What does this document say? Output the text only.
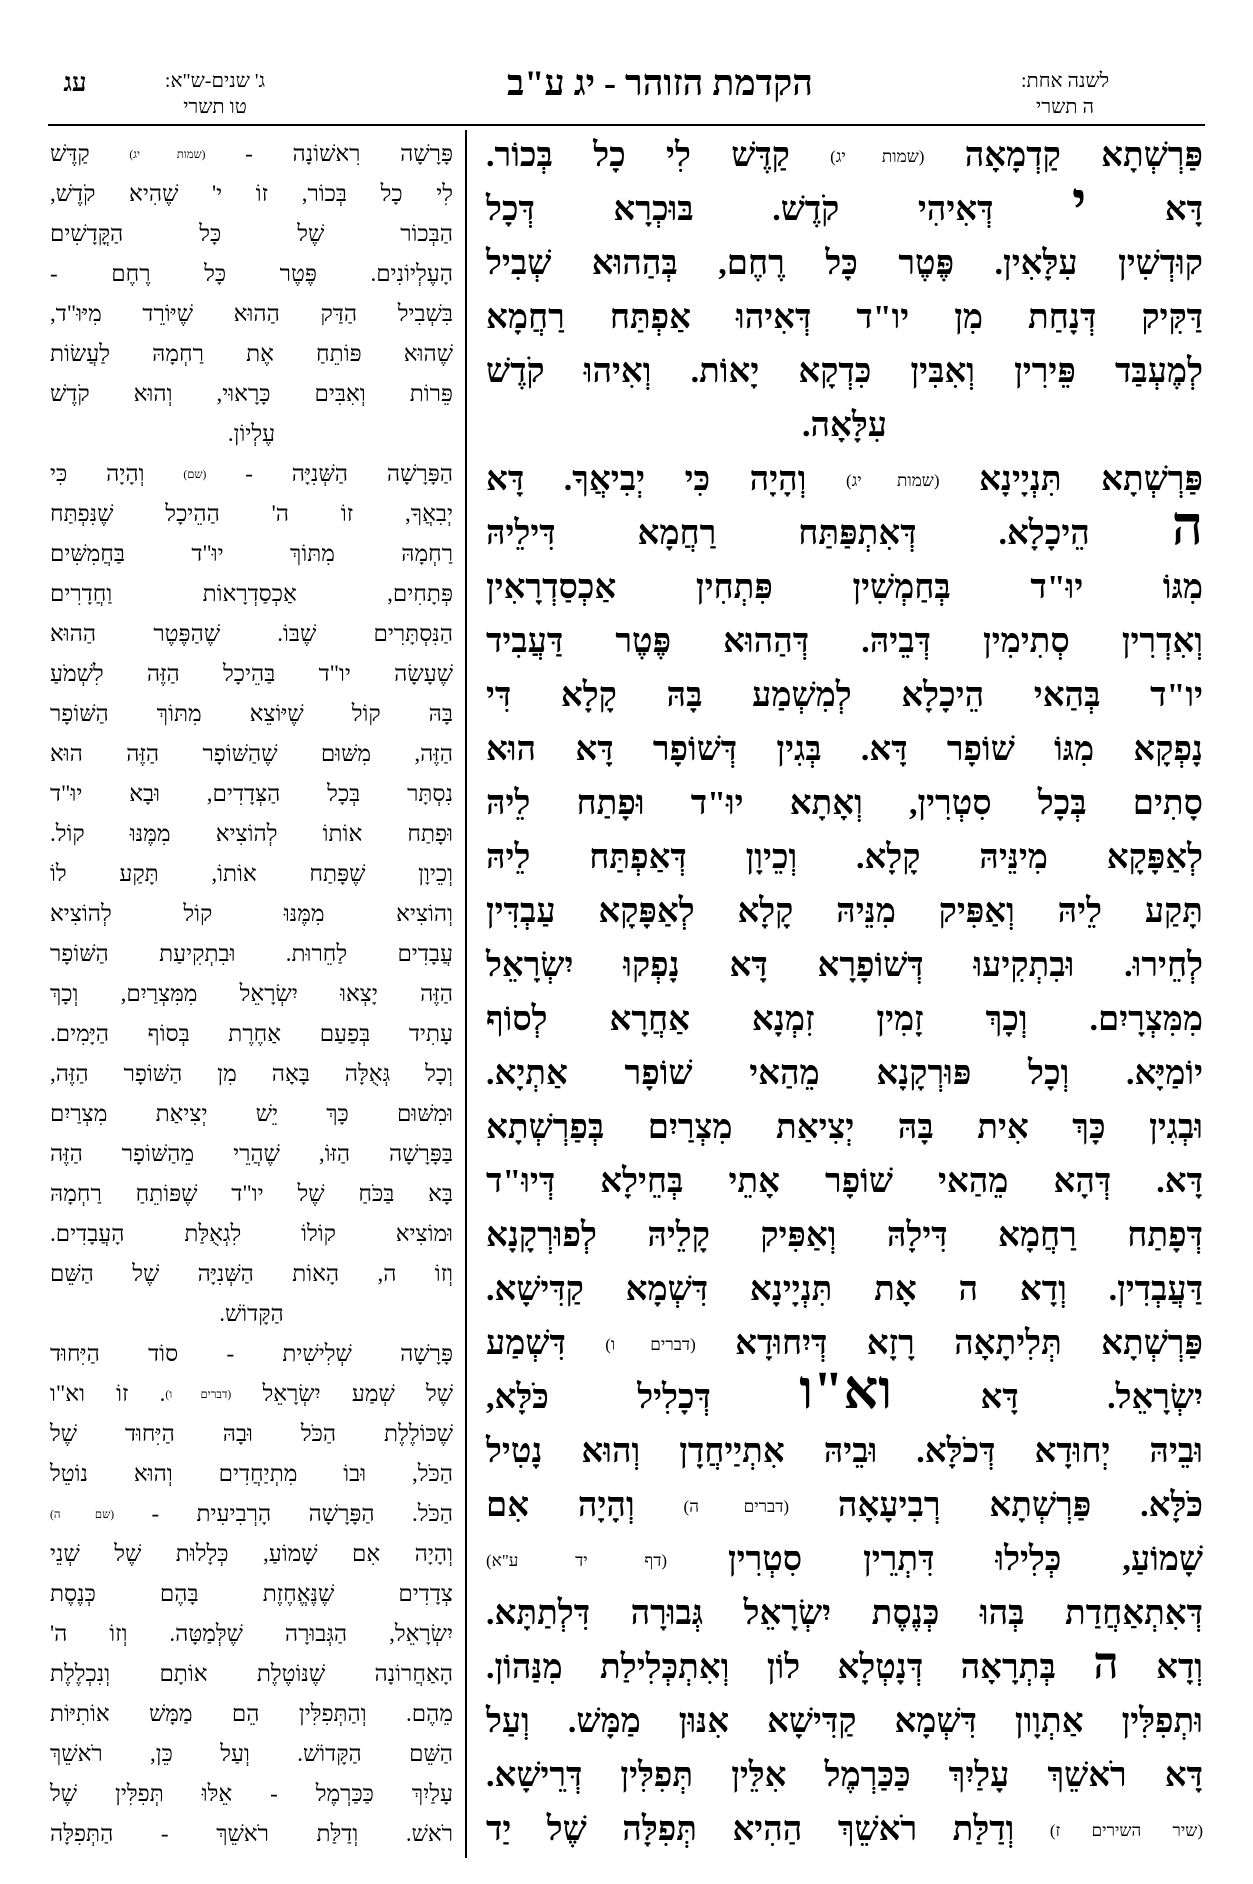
עג	ג' שנים-ש"א:
טו תשרי
הקדמת הזוהר - יג ע"ב	לשנה אחת:
ה תשרי
פַּרְשְׁתָא קַדְמָאָה (שמות יג) קַדֶּשׁ לִי כָל בְּכוֹר.
דָּא י דְּאִיהִי קֹדֶשׁ. בּוּכְרָא דְּכָל
קוּדְשִׁין עִלָּאִין. פֶּטֶר כָּל רֶחֶם, בְּהַהוּא שְׁבִיל
דַּקִּיק דְּנָחַת מִן יו"ד דְּאִיהוּ אַפְתַּח רַחֲמָא
לְמֶעְבַּד פֵּירִין וְאִבִּין כִּדְקָא יָאוֹת. וְאִיהוּ קֹדֶשׁ
עִלָּאָה.
פַּרְשְׁתָא תִּנְיָינָא (שמות יג) וְהָיָה כִּי יְבִיאֲךָ. דָּא
ה הֵיכָלָא. דְּאִתְפַּתַּח רַחֲמָא דִּילֵיהּ
מִגּוֹ יוּ"ד בְּחַמְשִׁין פִּתְחִין אַכְסַדְרָאִין
וְאִדְרִין סְתִימִין דְּבֵיהּ. דְּהַהוּא פֶּטֶר דַּעֲבִיד
יו"ד בְּהַאי הֵיכָלָא לְמִשְׁמַע בָּהּ קָלָא דִּי
נָפְקָא מִגּוֹ שׁוֹפָר דָּא. בְּגִין דְּשׁוֹפָר דָּא הוּא
סָתִים בְּכָל סִטְרִין, וְאָתָא יוּ"ד וּפָתַח לֵיהּ
לְאַפָּקָא מִינֵּיהּ קָלָא. וְכֵיוָן דְּאַפְתַּח לֵיהּ
תָּקַע לֵיהּ וְאַפִּיק מִנֵּיהּ קָלָא לְאַפָּקָא עַבְדִּין
לְחֵירוּ. וּבִתְקִיעוּ דְּשׁוֹפָרָא דָּא נָפְקוּ יִשְׂרָאֵל
מִמִּצְרָיִם. וְכָךְ זָמִין זִמְנָא אַחֲרָא לְסוֹף
יוֹמַיָּא. וְכָל פּוּרְקָנָא מֵהַאי שׁוֹפָר אַתְיָא.
וּבְגִין כָּךְ אִית בָּהּ יְצִיאַת מִצְרַיִם בְּפַרְשְׁתָא
דָּא. דְּהָא מֵהַאי שׁוֹפָר אָתֵי בְּחֵילָא דְּיוּ"ד
דְּפָתַח רַחֲמָא דִּילָהּ וְאַפִּיק קָלֵיהּ לְפוּרְקָנָא
דַּעֲבְדִין. וְדָא ה אָת תִּנְיָינָא דִּשְׁמָא קַדִּישָׁא.
פַּרְשְׁתָא תְּלִיתָאָה רָזָא דְּיִחוּדָא (דברים ו) דִּשְׁמַע
יִשְׂרָאֵל. דָּא וא"ו דְּכָלִיל כֹּלָּא,
וּבֵיהּ יְחוּדָא דְּכֹלָּא. וּבֵיהּ אִתְיַיחֲדָן וְהוּא נָטִיל
כֹּלָּא. פַּרְשְׁתָא רְבִיעָאָה (דברים ה) וְהָיָה אִם
שָׁמוֹעַ, כְּלִילוּ דִּתְרֵין סִטְרִין (דף יד ע"א)
דְּאִתְאַחֲדַת בְּהוּ כְּנֶסֶת יִשְׂרָאֵל גְּבוּרָה דִּלְתַתָּא.
וְדָא ה בְּתְרָאָה דְּנָטְלָא לוֹן וְאִתְכְּלִילַת מִנַּהוֹן.
וּתְפִלִּין אַתְוָון דִּשְׁמָא קַדִּישָׁא אִנּוּן מַמָּשׁ. וְעַל
דָּא רֹאשֵׁךְ עָלַיִךְ כַּכַּרְמֶל אִלֵּין תְּפִלִּין דְּרֵישָׁא.
(שיר השירים ז) וְדַלַּת רֹאשֵׁךְ הַהִיא תְּפִלָּה שֶׁל יַד
פָּרָשָׁה רִאשׁוֹנָה - (שמות יג) קַדֶּשׁ
לִי כָל בְּכוֹר, זוֹ י' שֶׁהִיא קֹדֶשׁ,
הַבְּכוֹר שֶׁל כָּל הַקֳּדָשִׁים
הָעֶלְיוֹנִים. פֶּטֶר כָּל רֶחֶם -
בִּשְׁבִיל הַדַּק הַהוּא שֶׁיּוֹרֵד מִיּוּ"ד,
שֶׁהוּא פּוֹתֵחַ אֶת רַחְמָהּ לַעֲשׂוֹת
פֵּרוֹת וְאִבִּים כָּרָאוּי, וְהוּא קֹדֶשׁ
עֶלְיוֹן.
הַפָּרָשָׁה הַשְּׁנִיָּה - (שם) וְהָיָה כִּי
יְבִאֲךָ, זוֹ ה' הַהֵיכָל שֶׁנִּפְתַּח
רַחְמָהּ מִתּוֹךְ יוּ"ד בַּחֲמִשִּׁים
פְּתָחִים, אַכְסַדְרָאוֹת וַחֲדָרִים
הַנִּסְתָּרִים שֶׁבּוֹ. שֶׁהַפֶּטֶר הַהוּא
שֶׁעָשָׂה יו"ד בַּהֵיכָל הַזֶּה לִשְׁמֹעַ
בָּהּ קוֹל שֶׁיּוֹצֵא מִתּוֹךְ הַשּׁוֹפָר
הַזֶּה, מִשּׁוּם שֶׁהַשּׁוֹפָר הַזֶּה הוּא
נִסְתָּר בְּכָל הַצְּדָדִים, וּבָא יוּ"ד
וּפָתַח אוֹתוֹ לְהוֹצִיא מִמֶּנּוּ קוֹל.
וְכֵיוָן שֶׁפָּתַח אוֹתוֹ, תָּקַע לוֹ
וְהוֹצִיא מִמֶּנּוּ קוֹל לְהוֹצִיא
עֲבָדִים לַחֵרוּת. וּבִתְקִיעַת הַשּׁוֹפָר
הַזֶּה יָצְאוּ יִשְׂרָאֵל מִמִּצְרַיִם, וְכָךְ
עָתִיד בְּפַעַם אַחֶרֶת בְּסוֹף הַיָּמִים.
וְכָל גְּאֻלָּה בָּאָה מִן הַשּׁוֹפָר הַזֶּה,
וּמִשּׁוּם כָּךְ יֵשׁ יְצִיאַת מִצְרַיִם
בַּפָּרָשָׁה הַזּוֹ, שֶׁהֲרֵי מֵהַשּׁוֹפָר הַזֶּה
בָּא בַּכֹּחַ שֶׁל יו"ד שֶׁפּוֹתֵחַ רַחְמָהּ
וּמוֹצִיא קוֹלוֹ לִגְאֻלַּת הָעֲבָדִים.
וְזוֹ ה, הָאוֹת הַשְּׁנִיָּה שֶׁל הַשֵּׁם
הַקָּדוֹשׁ.
פָּרָשָׁה שְׁלִישִׁית - סוֹד הַיִּחוּד
שֶׁל שְׁמַע יִשְׂרָאֵל (דברים ו). זוֹ וא"ו
שֶׁכּוֹלֶלֶת הַכֹּל וּבָהּ הַיִּחוּד שֶׁל
הַכֹּל, וּבוֹ מִתְיַחֲדִים וְהוּא נוֹטֵל
הַכֹּל. הַפָּרָשָׁה הָרְבִיעִית - (שם ה)
וְהָיָה אִם שָׁמוֹעַ, כְּלָלוּת שֶׁל שְׁנֵי
צְדָדִים שֶׁנֶּאֱחֶזֶת בָּהֶם כְּנֶסֶת
יִשְׂרָאֵל, הַגְּבוּרָה שֶׁלְּמַטָּה. וְזוֹ ה'
הָאַחֲרוֹנָה שֶׁנּוֹטֶלֶת אוֹתָם וְנִכְלֶלֶת
מֵהֶם. וְהַתְּפִלִּין הֵם מַמָּשׁ אוֹתִיּוֹת
הַשֵּׁם הַקָּדוֹשׁ. וְעַל כֵּן, רֹאשֵׁךְ
עָלַיִךְ כַּכַּרְמֶל - אֵלּוּ תְּפִלִּין שֶׁל
רֹאשׁ. וְדַלַּת רֹאשֵׁךְ - הַתְּפִלָּה
